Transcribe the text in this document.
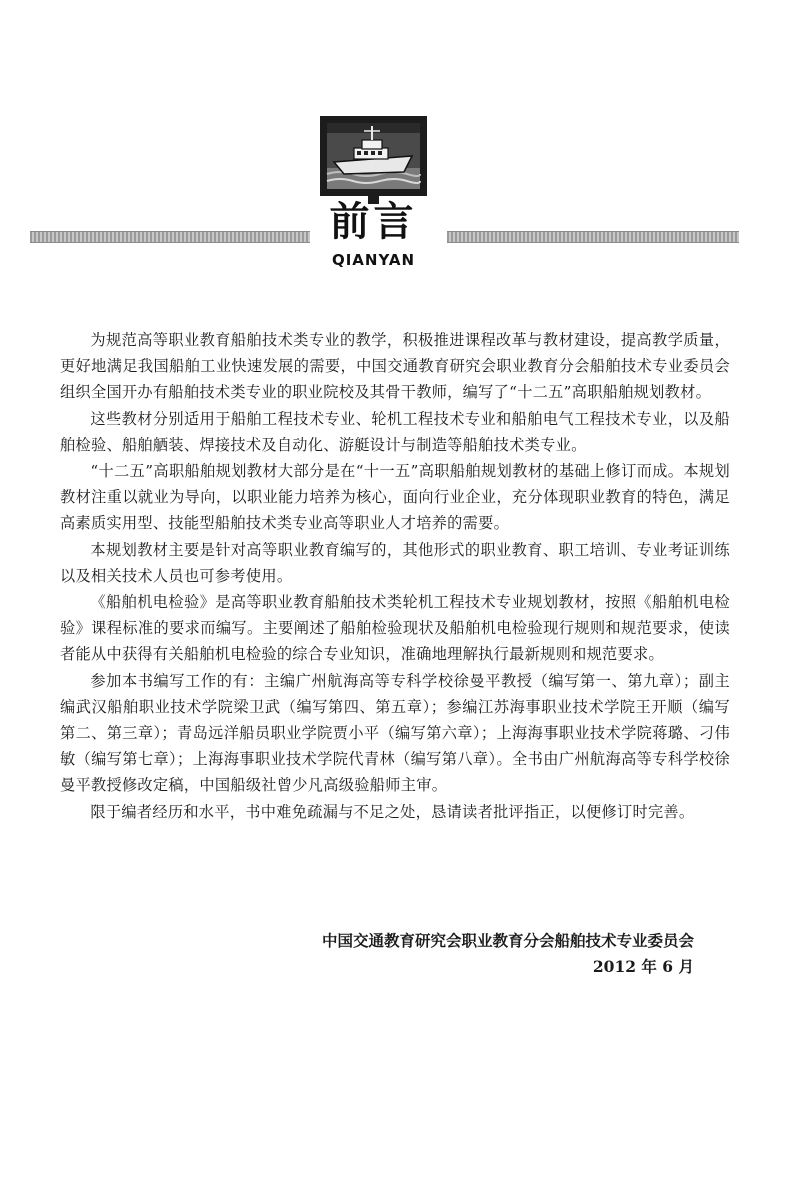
前言
QIANYAN

为规范高等职业教育船舶技术类专业的教学，积极推进课程改革与教材建设，提高教学质量，更好地满足我国船舶工业快速发展的需要，中国交通教育研究会职业教育分会船舶技术专业委员会组织全国开办有船舶技术类专业的职业院校及其骨干教师，编写了“十二五”高职船舶规划教材。

这些教材分别适用于船舶工程技术专业、轮机工程技术专业和船舶电气工程技术专业，以及船舶检验、船舶舾装、焊接技术及自动化、游艇设计与制造等船舶技术类专业。

“十二五”高职船舶规划教材大部分是在“十一五”高职船舶规划教材的基础上修订而成。本规划教材注重以就业为导向，以职业能力培养为核心，面向行业企业，充分体现职业教育的特色，满足高素质实用型、技能型船舶技术类专业高等职业人才培养的需要。

本规划教材主要是针对高等职业教育编写的，其他形式的职业教育、职工培训、专业考证训练以及相关技术人员也可参考使用。

《船舶机电检验》是高等职业教育船舶技术类轮机工程技术专业规划教材，按照《船舶机电检验》课程标准的要求而编写。主要阐述了船舶检验现状及船舶机电检验现行规则和规范要求，使读者能从中获得有关船舶机电检验的综合专业知识，准确地理解执行最新规则和规范要求。

参加本书编写工作的有：主编广州航海高等专科学校徐曼平教授（编写第一、第九章）；副主编武汉船舶职业技术学院梁卫武（编写第四、第五章）；参编江苏海事职业技术学院王开顺（编写第二、第三章）；青岛远洋船员职业学院贾小平（编写第六章）；上海海事职业技术学院蒋璐、刁伟敏（编写第七章）；上海海事职业技术学院代青林（编写第八章）。全书由广州航海高等专科学校徐曼平教授修改定稿，中国船级社曾少凡高级验船师主审。

限于编者经历和水平，书中难免疏漏与不足之处，恳请读者批评指正，以便修订时完善。

中国交通教育研究会职业教育分会船舶技术专业委员会
2012 年 6 月
